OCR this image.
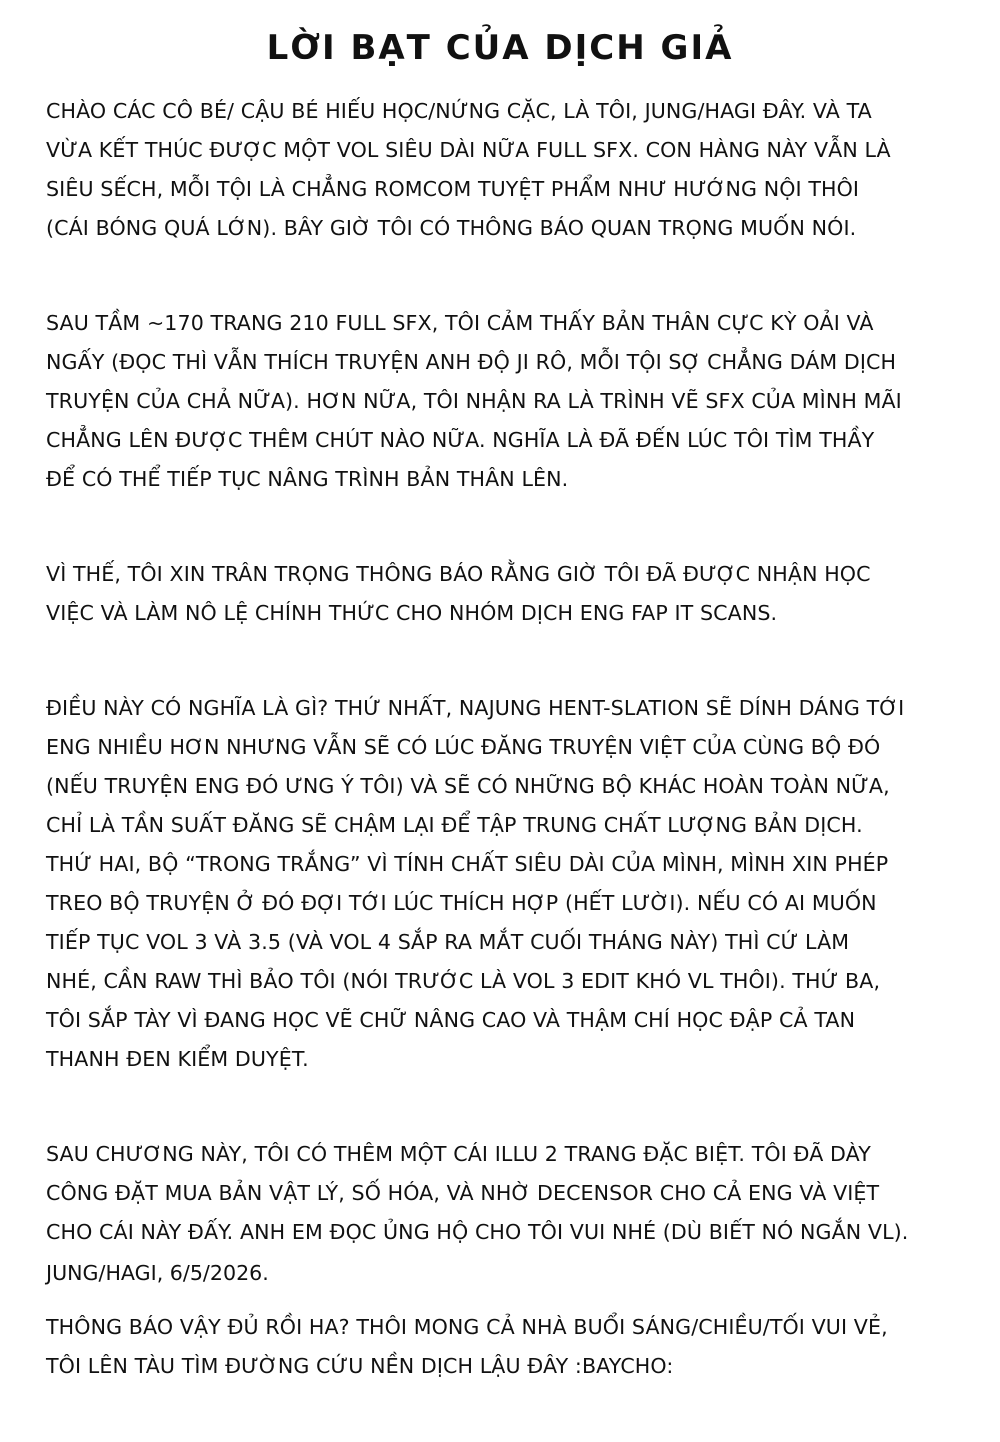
LỜI BẠT CỦA DỊCH GIẢ
CHÀO CÁC CÔ BÉ/ CẬU BÉ HIẾU HỌC/NỨNG CẶC, LÀ TÔI, JUNG/HAGI ĐÂY. VÀ TA
VỪA KẾT THÚC ĐƯỢC MỘT VOL SIÊU DÀI NỮA FULL SFX. CON HÀNG NÀY VẪN LÀ
SIÊU SẾCH, MỖI TỘI LÀ CHẲNG ROMCOM TUYỆT PHẨM NHƯ HƯỚNG NỘI THÔI
(CÁI BÓNG QUÁ LỚN). BÂY GIỜ TÔI CÓ THÔNG BÁO QUAN TRỌNG MUỐN NÓI.
SAU TẦM ~170 TRANG 210 FULL SFX, TÔI CẢM THẤY BẢN THÂN CỰC KỲ OẢI VÀ
NGẤY (ĐỌC THÌ VẪN THÍCH TRUYỆN ANH ĐỘ JI RÔ, MỖI TỘI SỢ CHẲNG DÁM DỊCH
TRUYỆN CỦA CHẢ NỮA). HƠN NỮA, TÔI NHẬN RA LÀ TRÌNH VẼ SFX CỦA MÌNH MÃI
CHẲNG LÊN ĐƯỢC THÊM CHÚT NÀO NỮA. NGHĨA LÀ ĐÃ ĐẾN LÚC TÔI TÌM THẦY
ĐỂ CÓ THỂ TIẾP TỤC NÂNG TRÌNH BẢN THÂN LÊN.
VÌ THẾ, TÔI XIN TRÂN TRỌNG THÔNG BÁO RẰNG GIỜ TÔI ĐÃ ĐƯỢC NHẬN HỌC
VIỆC VÀ LÀM NÔ LỆ CHÍNH THỨC CHO NHÓM DỊCH ENG FAP IT SCANS.
ĐIỀU NÀY CÓ NGHĨA LÀ GÌ? THỨ NHẤT, NAJUNG HENT-SLATION SẼ DÍNH DÁNG TỚI
ENG NHIỀU HƠN NHƯNG VẪN SẼ CÓ LÚC ĐĂNG TRUYỆN VIỆT CỦA CÙNG BỘ ĐÓ
(NẾU TRUYỆN ENG ĐÓ ƯNG Ý TÔI) VÀ SẼ CÓ NHỮNG BỘ KHÁC HOÀN TOÀN NỮA,
CHỈ LÀ TẦN SUẤT ĐĂNG SẼ CHẬM LẠI ĐỂ TẬP TRUNG CHẤT LƯỢNG BẢN DỊCH.
THỨ HAI, BỘ “TRONG TRẮNG” VÌ TÍNH CHẤT SIÊU DÀI CỦA MÌNH, MÌNH XIN PHÉP
TREO BỘ TRUYỆN Ở ĐÓ ĐỢI TỚI LÚC THÍCH HỢP (HẾT LƯỜI). NẾU CÓ AI MUỐN
TIẾP TỤC VOL 3 VÀ 3.5 (VÀ VOL 4 SẮP RA MẮT CUỐI THÁNG NÀY) THÌ CỨ LÀM
NHÉ, CẦN RAW THÌ BẢO TÔI (NÓI TRƯỚC LÀ VOL 3 EDIT KHÓ VL THÔI). THỨ BA,
TÔI SẮP TÀY VÌ ĐANG HỌC VẼ CHỮ NÂNG CAO VÀ THẬM CHÍ HỌC ĐẬP CẢ TAN
THANH ĐEN KIỂM DUYỆT.
SAU CHƯƠNG NÀY, TÔI CÓ THÊM MỘT CÁI ILLU 2 TRANG ĐẶC BIỆT. TÔI ĐÃ DÀY
CÔNG ĐẶT MUA BẢN VẬT LÝ, SỐ HÓA, VÀ NHỜ DECENSOR CHO CẢ ENG VÀ VIỆT
CHO CÁI NÀY ĐẤY. ANH EM ĐỌC ỦNG HỘ CHO TÔI VUI NHÉ (DÙ BIẾT NÓ NGẮN VL).
THÔNG BÁO VẬY ĐỦ RỒI HA? THÔI MONG CẢ NHÀ BUỔI SÁNG/CHIỀU/TỐI VUI VẺ,
TÔI LÊN TÀU TÌM ĐƯỜNG CỨU NỀN DỊCH LẬU ĐÂY :BAYCHO:
JUNG/HAGI, 6/5/2026.
